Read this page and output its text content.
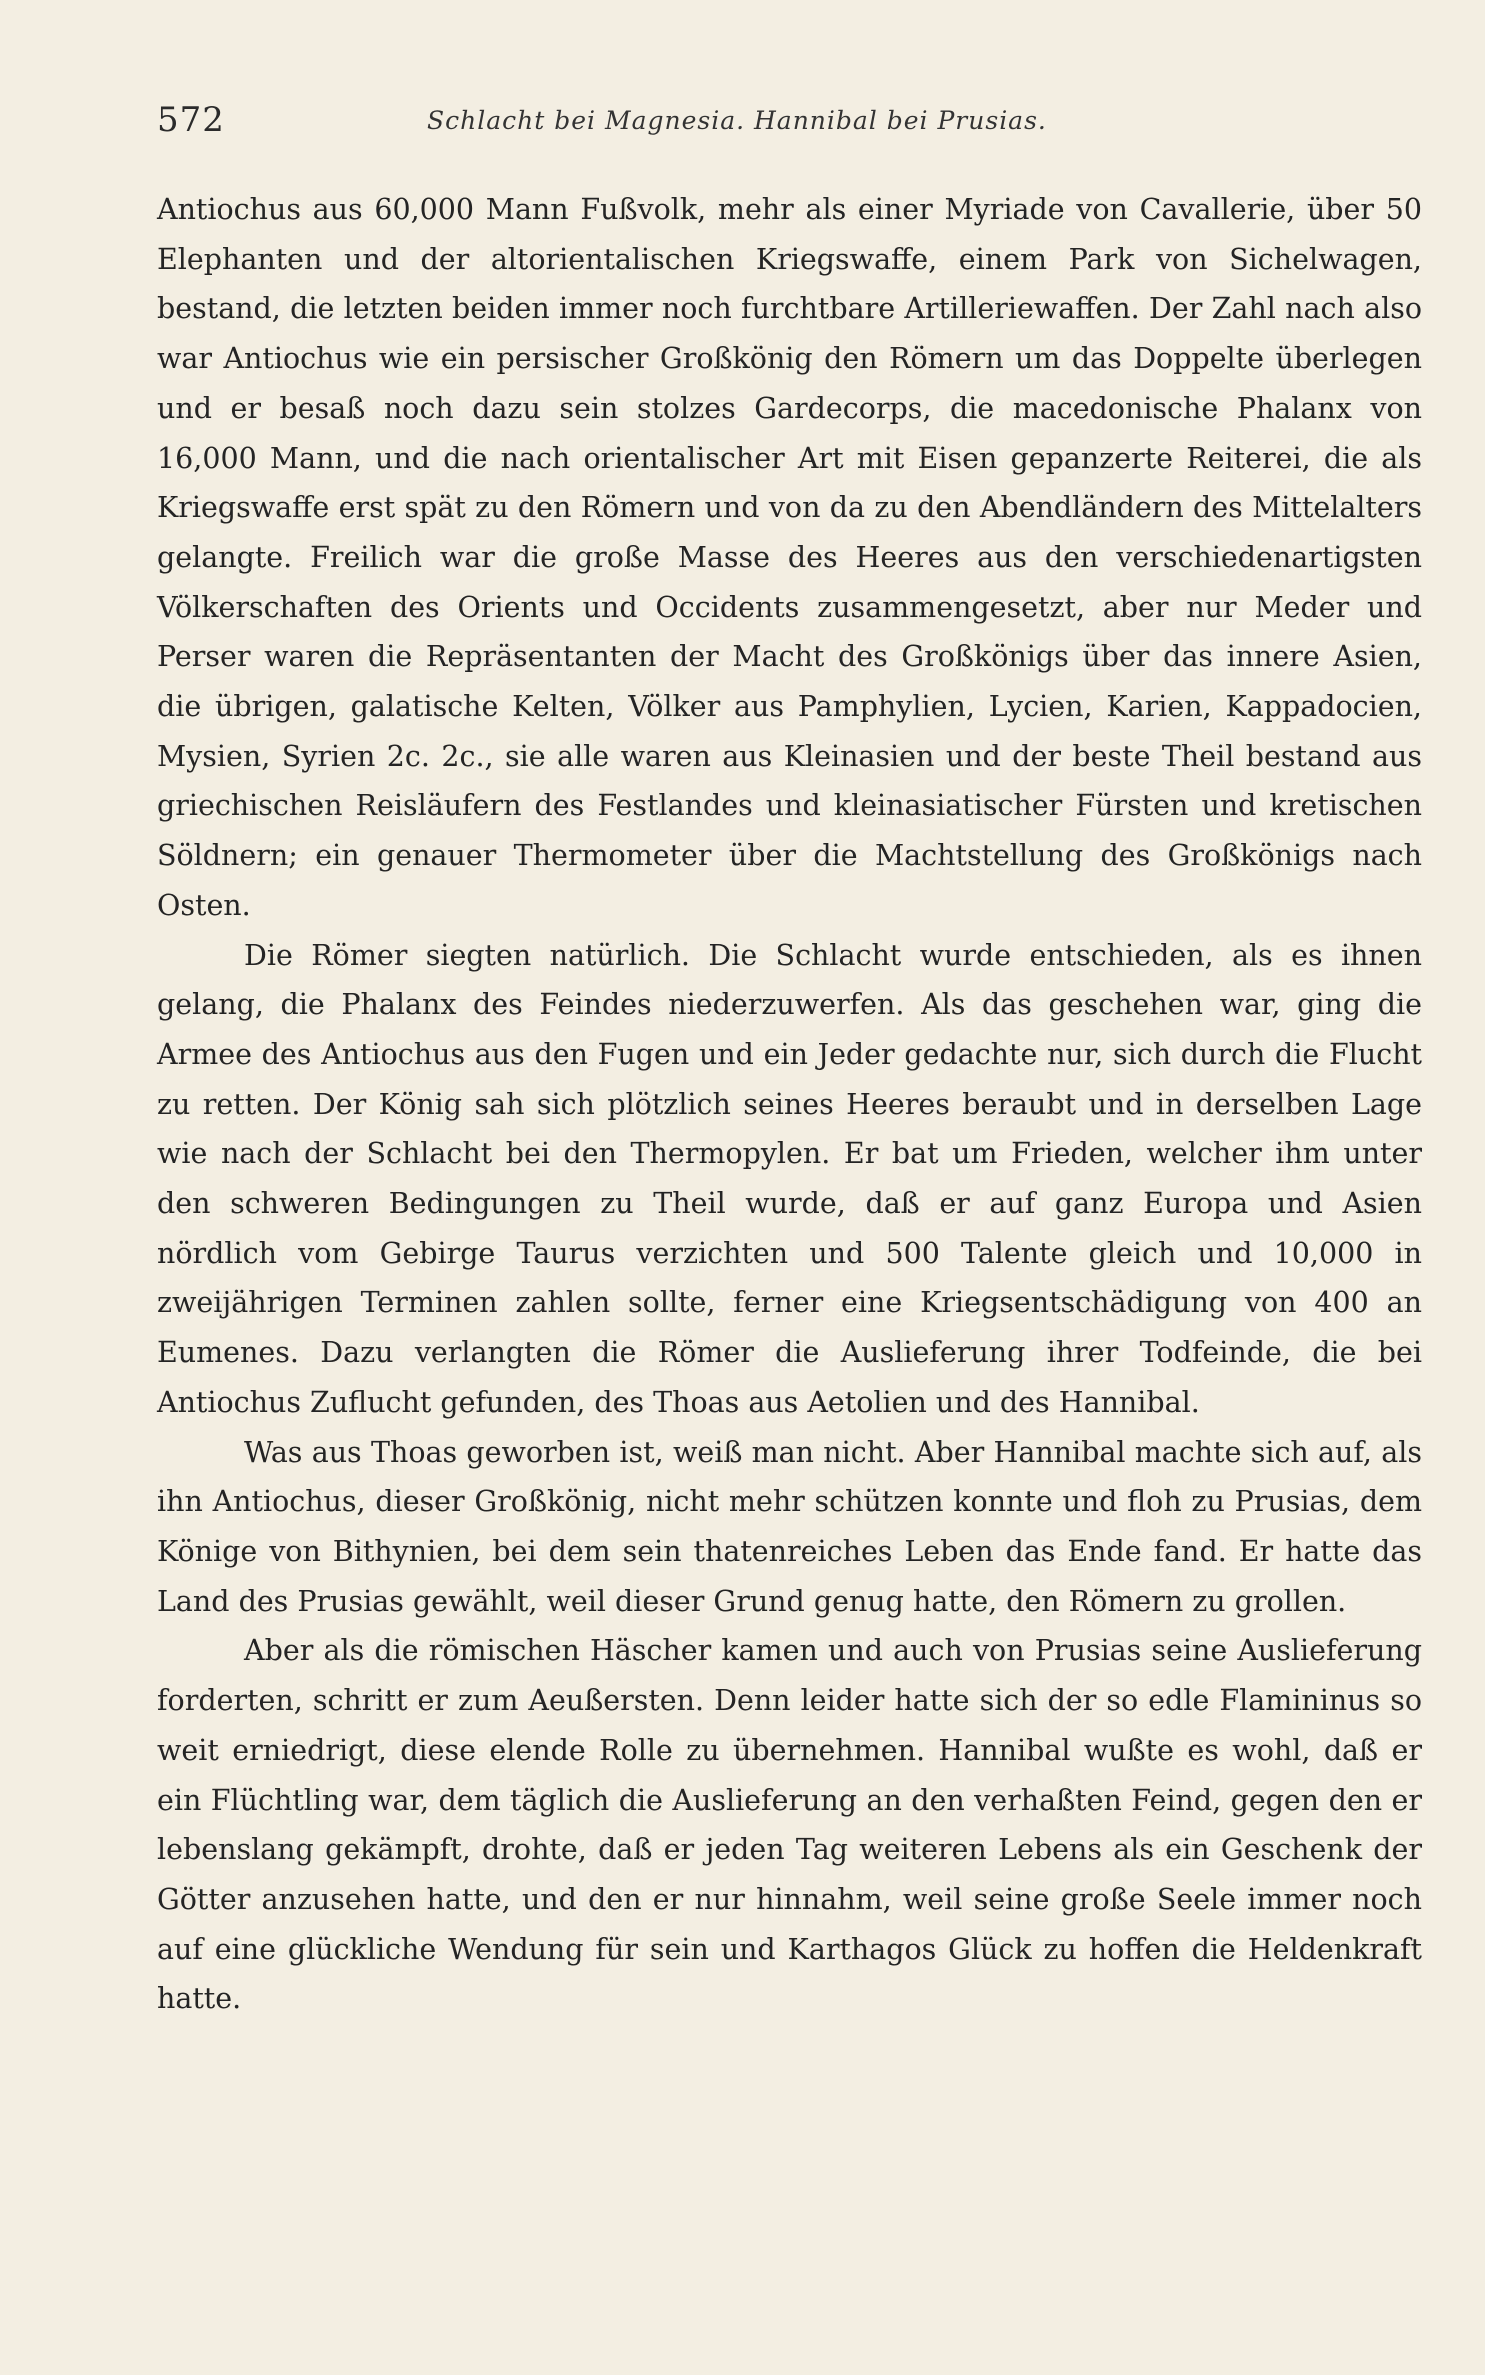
572	Schlacht bei Magnesia. Hannibal bei Prusias.

Antiochus aus 60,000 Mann Fußvolk, mehr als einer Myriade von Cavallerie, über 50 Elephanten und der altorientalischen Kriegswaffe, einem Park von Sichelwagen, bestand, die letzten beiden immer noch furchtbare Artilleriewaffen. Der Zahl nach also war Antiochus wie ein persischer Großkönig den Römern um das Doppelte überlegen und er besaß noch dazu sein stolzes Gardecorps, die macedonische Phalanx von 16,000 Mann, und die nach orientalischer Art mit Eisen gepanzerte Reiterei, die als Kriegswaffe erst spät zu den Römern und von da zu den Abendländern des Mittelalters gelangte. Freilich war die große Masse des Heeres aus den verschiedenartigsten Völkerschaften des Orients und Occidents zusammengesetzt, aber nur Meder und Perser waren die Repräsentanten der Macht des Großkönigs über das innere Asien, die übrigen, galatische Kelten, Völker aus Pamphylien, Lycien, Karien, Kappadocien, Mysien, Syrien 2c. 2c., sie alle waren aus Kleinasien und der beste Theil bestand aus griechischen Reisläufern des Festlandes und kleinasiatischer Fürsten und kretischen Söldnern; ein genauer Thermometer über die Machtstellung des Großkönigs nach Osten.

Die Römer siegten natürlich. Die Schlacht wurde entschieden, als es ihnen gelang, die Phalanx des Feindes niederzuwerfen. Als das geschehen war, ging die Armee des Antiochus aus den Fugen und ein Jeder gedachte nur, sich durch die Flucht zu retten. Der König sah sich plötzlich seines Heeres beraubt und in derselben Lage wie nach der Schlacht bei den Thermopylen. Er bat um Frieden, welcher ihm unter den schweren Bedingungen zu Theil wurde, daß er auf ganz Europa und Asien nördlich vom Gebirge Taurus verzichten und 500 Talente gleich und 10,000 in zweijährigen Terminen zahlen sollte, ferner eine Kriegsentschädigung von 400 an Eumenes. Dazu verlangten die Römer die Auslieferung ihrer Todfeinde, die bei Antiochus Zuflucht gefunden, des Thoas aus Aetolien und des Hannibal.

Was aus Thoas geworben ist, weiß man nicht. Aber Hannibal machte sich auf, als ihn Antiochus, dieser Großkönig, nicht mehr schützen konnte und floh zu Prusias, dem Könige von Bithynien, bei dem sein thatenreiches Leben das Ende fand. Er hatte das Land des Prusias gewählt, weil dieser Grund genug hatte, den Römern zu grollen.

Aber als die römischen Häscher kamen und auch von Prusias seine Auslieferung forderten, schritt er zum Aeußersten. Denn leider hatte sich der so edle Flamininus so weit erniedrigt, diese elende Rolle zu übernehmen. Hannibal wußte es wohl, daß er ein Flüchtling war, dem täglich die Auslieferung an den verhaßten Feind, gegen den er lebenslang gekämpft, drohte, daß er jeden Tag weiteren Lebens als ein Geschenk der Götter anzusehen hatte, und den er nur hinnahm, weil seine große Seele immer noch auf eine glückliche Wendung für sein und Karthagos Glück zu hoffen die Heldenkraft hatte.
